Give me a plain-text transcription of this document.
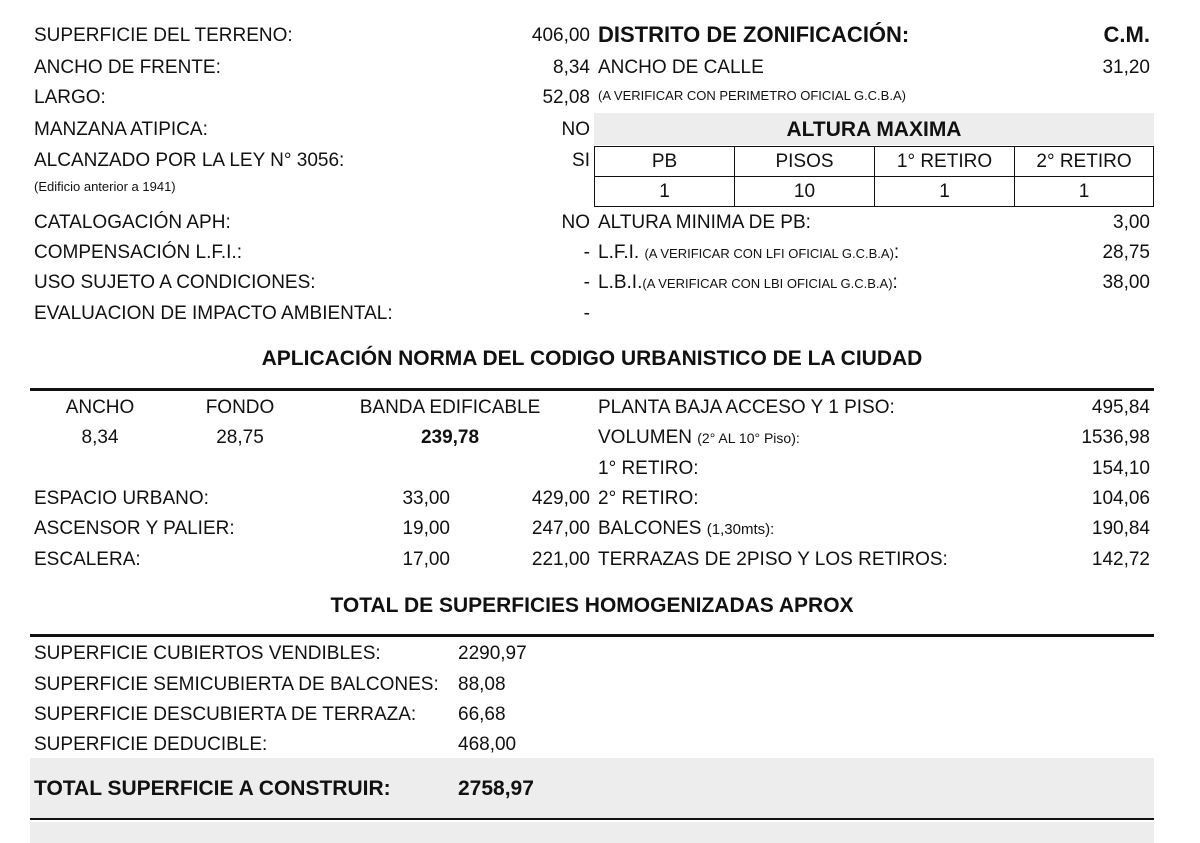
SUPERFICIE DEL TERRENO:	406,00
ANCHO DE FRENTE:	8,34
LARGO:	52,08
MANZANA ATIPICA:	NO
ALCANZADO POR LA LEY N° 3056:	SI
(Edificio anterior a 1941)
CATALOGACIÓN APH:	NO
COMPENSACIÓN L.F.I.:	-
USO SUJETO A CONDICIONES:	-
EVALUACION DE IMPACTO AMBIENTAL:	-
DISTRITO DE ZONIFICACIÓN:	C.M.
ANCHO DE CALLE	31,20
(A VERIFICAR CON PERIMETRO OFICIAL G.C.B.A)
ALTURA MAXIMA
PB	PISOS	1° RETIRO	2° RETIRO
1	10	1	1
ALTURA MINIMA DE PB:	3,00
L.F.I. (A VERIFICAR CON LFI OFICIAL G.C.B.A):	28,75
L.B.I.(A VERIFICAR CON LBI OFICIAL G.C.B.A):	38,00
APLICACIÓN NORMA DEL CODIGO URBANISTICO DE LA CIUDAD
ANCHO	FONDO	BANDA EDIFICABLE
8,34	28,75	239,78
ESPACIO URBANO:	33,00	429,00
ASCENSOR Y PALIER:	19,00	247,00
ESCALERA:	17,00	221,00
PLANTA BAJA ACCESO Y 1 PISO:	495,84
VOLUMEN (2° AL 10° Piso):	1536,98
1° RETIRO:	154,10
2° RETIRO:	104,06
BALCONES (1,30mts):	190,84
TERRAZAS DE 2PISO Y LOS RETIROS:	142,72
TOTAL DE SUPERFICIES HOMOGENIZADAS APROX
SUPERFICIE CUBIERTOS VENDIBLES:	2290,97
SUPERFICIE SEMICUBIERTA DE BALCONES: 88,08
SUPERFICIE DESCUBIERTA DE TERRAZA: 66,68
SUPERFICIE DEDUCIBLE:	468,00
TOTAL SUPERFICIE A CONSTRUIR:	2758,97
